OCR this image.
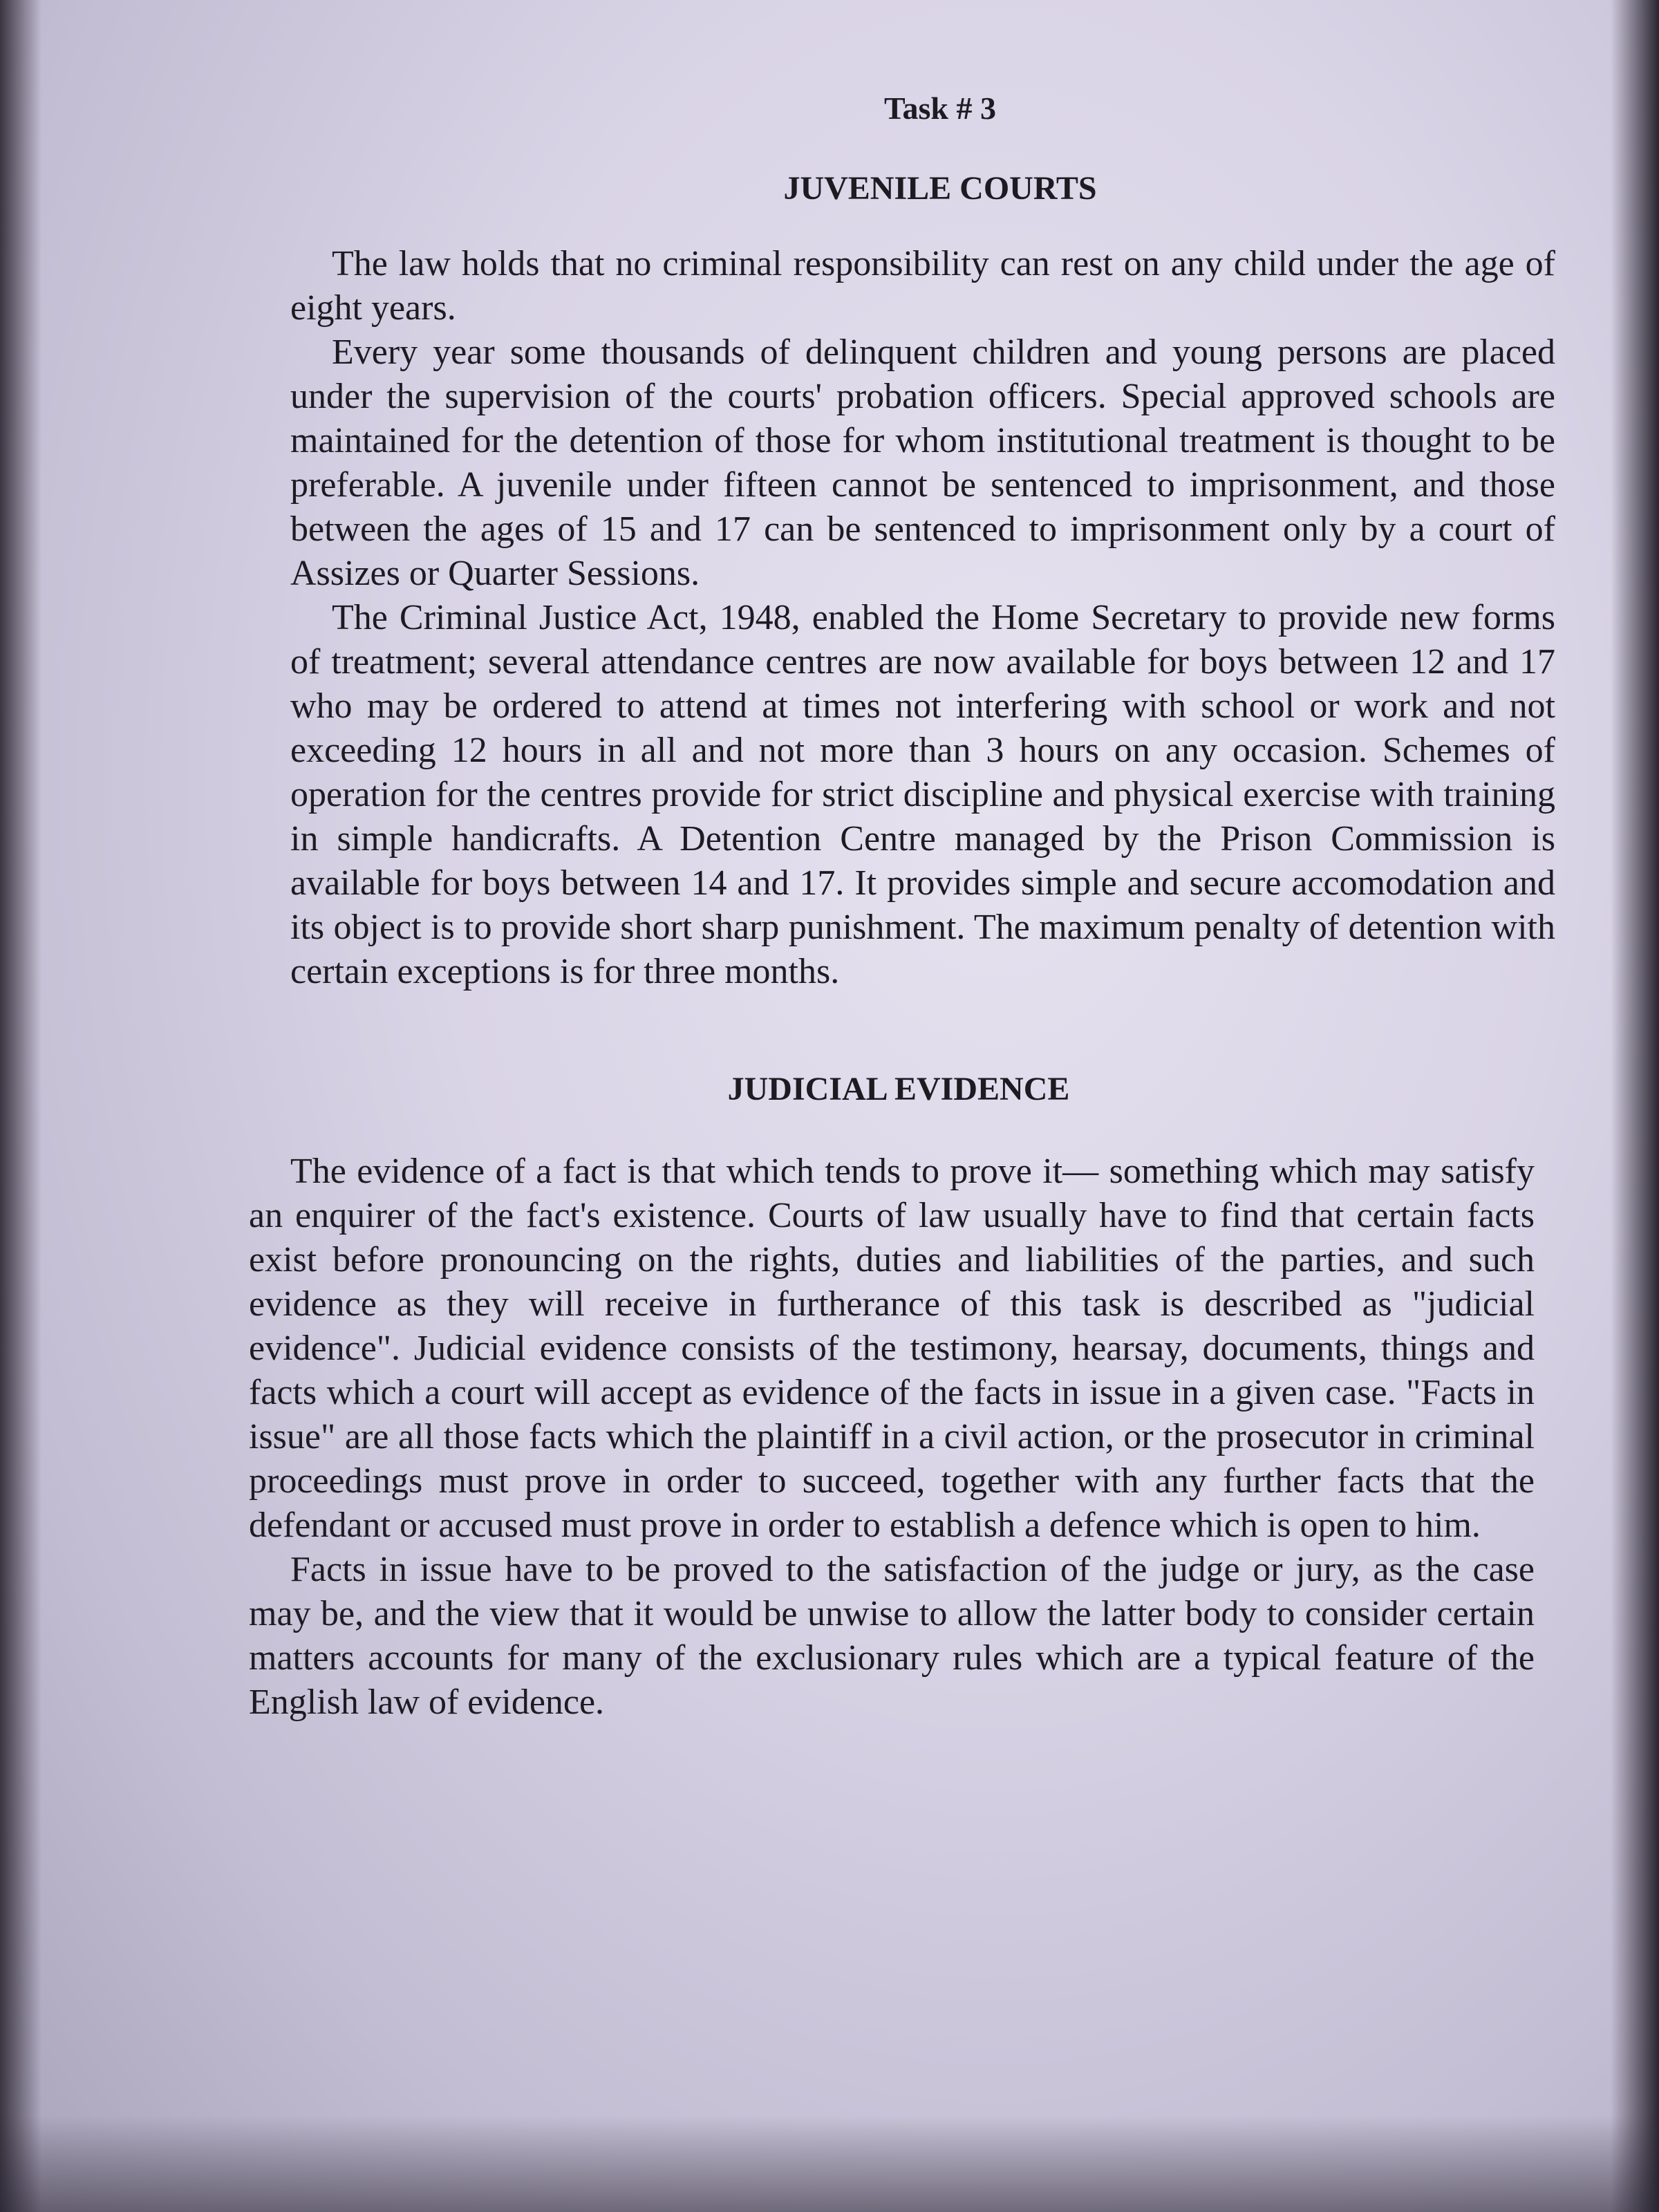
Task # 3
JUVENILE COURTS

The law holds that no criminal responsibility can rest on any child under the age of eight years.

Every year some thousands of delinquent children and young persons are placed under the supervision of the courts' probation officers. Special approved schools are maintained for the detention of those for whom institutional treatment is thought to be preferable. A juvenile under fifteen cannot be sentenced to imprisonment, and those between the ages of 15 and 17 can be sentenced to imprisonment only by a court of Assizes or Quarter Sessions.

The Criminal Justice Act, 1948, enabled the Home Secretary to provide new forms of treatment; several attendance centres are now available for boys between 12 and 17 who may be ordered to attend at times not interfering with school or work and not exceeding 12 hours in all and not more than 3 hours on any occasion. Schemes of operation for the centres provide for strict discipline and physical exercise with training in simple handicrafts. A Detention Centre managed by the Prison Commission is available for boys between 14 and 17. It provides simple and secure accomodation and its object is to provide short sharp punishment. The maximum penalty of detention with certain exceptions is for three months.

JUDICIAL EVIDENCE

The evidence of a fact is that which tends to prove it— something which may satisfy an enquirer of the fact's existence. Courts of law usually have to find that certain facts exist before pronouncing on the rights, duties and liabilities of the parties, and such evidence as they will receive in furtherance of this task is described as "judicial evidence". Judicial evidence consists of the testimony, hearsay, documents, things and facts which a court will accept as evidence of the facts in issue in a given case. "Facts in issue" are all those facts which the plaintiff in a civil action, or the prosecutor in criminal proceedings must prove in order to succeed, together with any further facts that the defendant or accused must prove in order to establish a defence which is open to him.

Facts in issue have to be proved to the satisfaction of the judge or jury, as the case may be, and the view that it would be unwise to allow the latter body to consider certain matters accounts for many of the exclusionary rules which are a typical feature of the English law of evidence.
